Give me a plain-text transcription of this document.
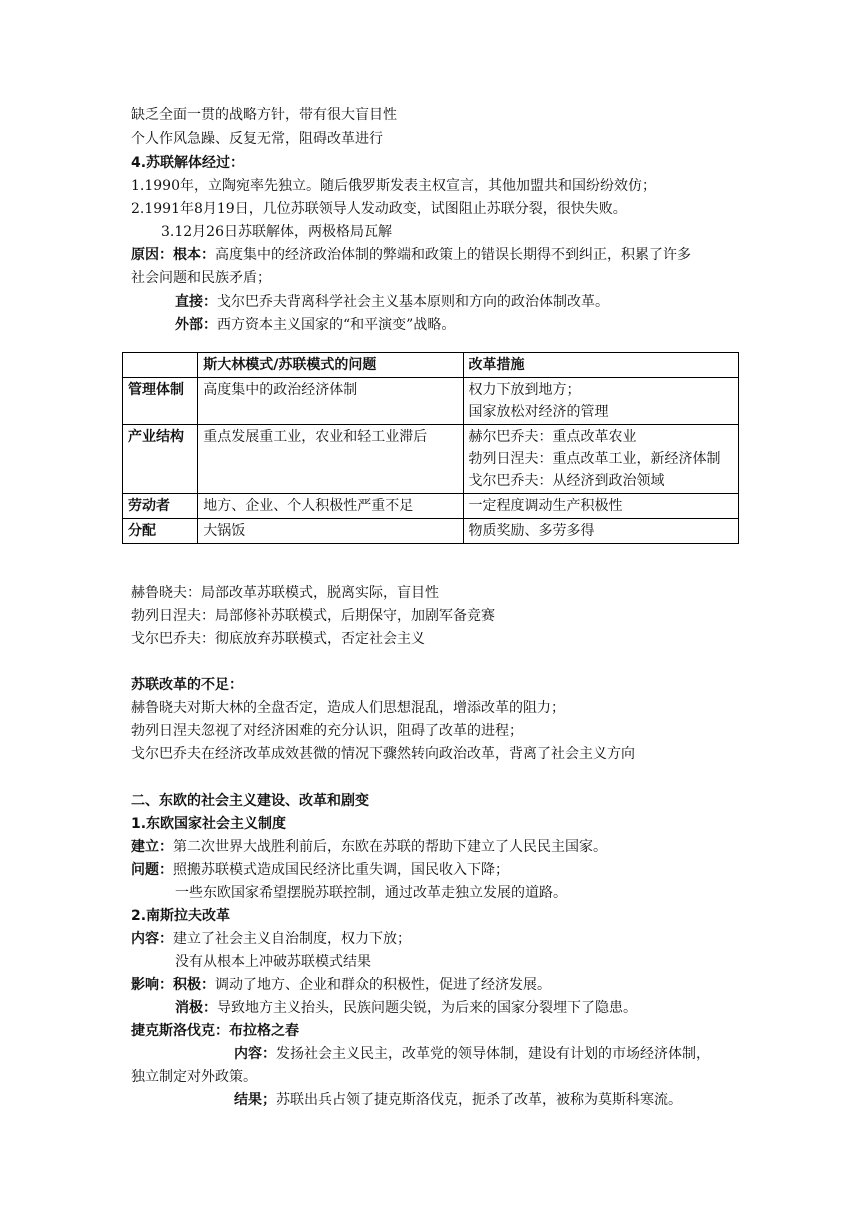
缺乏全面一贯的战略方针，带有很大盲目性
个人作风急躁、反复无常，阻碍改革进行
4.苏联解体经过：
1.1990年，立陶宛率先独立。随后俄罗斯发表主权宣言，其他加盟共和国纷纷效仿；
2.1991年8月19日，几位苏联领导人发动政变，试图阻止苏联分裂，很快失败。
3.12月26日苏联解体，两极格局瓦解
原因：根本：高度集中的经济政治体制的弊端和政策上的错误长期得不到纠正，积累了许多
社会问题和民族矛盾；
直接：戈尔巴乔夫背离科学社会主义基本原则和方向的政治体制改革。
外部：西方资本主义国家的“和平演变”战略。
	斯大林模式/苏联模式的问题	改革措施
管理体制	高度集中的政治经济体制	权力下放到地方；
国家放松对经济的管理

产业结构	重点发展重工业，农业和轻工业滞后	赫尔巴乔夫：重点改革农业
勃列日涅夫：重点改革工业，新经济体制
戈尔巴乔夫：从经济到政治领域

劳动者	地方、企业、个人积极性严重不足	一定程度调动生产积极性
分配	大锅饭	物质奖励、多劳多得
赫鲁晓夫：局部改革苏联模式，脱离实际，盲目性
勃列日涅夫：局部修补苏联模式，后期保守，加剧军备竞赛
戈尔巴乔夫：彻底放弃苏联模式，否定社会主义
苏联改革的不足：
赫鲁晓夫对斯大林的全盘否定，造成人们思想混乱，增添改革的阻力；
勃列日涅夫忽视了对经济困难的充分认识，阻碍了改革的进程；
戈尔巴乔夫在经济改革成效甚微的情况下骤然转向政治改革，背离了社会主义方向
二、东欧的社会主义建设、改革和剧变
1.东欧国家社会主义制度
建立：第二次世界大战胜利前后，东欧在苏联的帮助下建立了人民民主国家。
问题：照搬苏联模式造成国民经济比重失调，国民收入下降；
一些东欧国家希望摆脱苏联控制，通过改革走独立发展的道路。
2.南斯拉夫改革
内容：建立了社会主义自治制度，权力下放；
没有从根本上冲破苏联模式结果
影响：积极：调动了地方、企业和群众的积极性，促进了经济发展。
消极：导致地方主义抬头，民族问题尖锐，为后来的国家分裂埋下了隐患。
捷克斯洛伐克：布拉格之春
内容：发扬社会主义民主，改革党的领导体制，建设有计划的市场经济体制，
独立制定对外政策。
结果；苏联出兵占领了捷克斯洛伐克，扼杀了改革，被称为莫斯科寒流。
